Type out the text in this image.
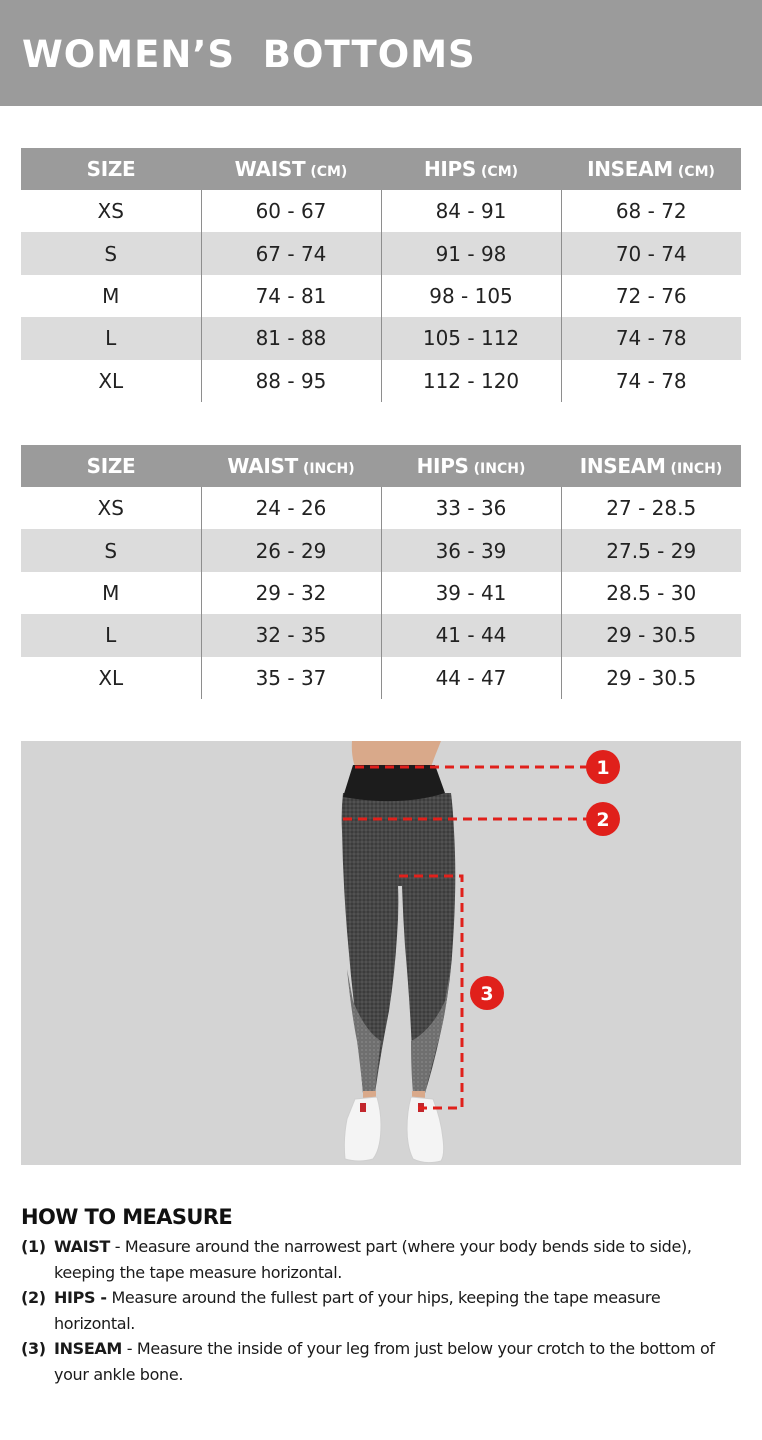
WOMEN’S  BOTTOMS
SIZE	WAIST (CM)	HIPS (CM)	INSEAM (CM)
XS	60 - 67	84 - 91	68 - 72
S	67 - 74	91 - 98	70 - 74
M	74 - 81	98 - 105	72 - 76
L	81 - 88	105 - 112	74 - 78
XL	88 - 95	112 - 120	74 - 78
SIZE	WAIST (INCH)	HIPS (INCH)	INSEAM (INCH)
XS	24 - 26	33 - 36	27 - 28.5
S	26 - 29	36 - 39	27.5 - 29
M	29 - 32	39 - 41	28.5 - 30
L	32 - 35	41 - 44	29 - 30.5
XL	35 - 37	44 - 47	29 - 30.5
1
2
3
HOW TO MEASURE
(1) WAIST - Measure around the narrowest part (where your body bends side to side), keeping the tape measure horizontal.
(2) HIPS - Measure around the fullest part of your hips, keeping the tape measure horizontal.
(3) INSEAM - Measure the inside of your leg from just below your crotch to the bottom of your ankle bone.
